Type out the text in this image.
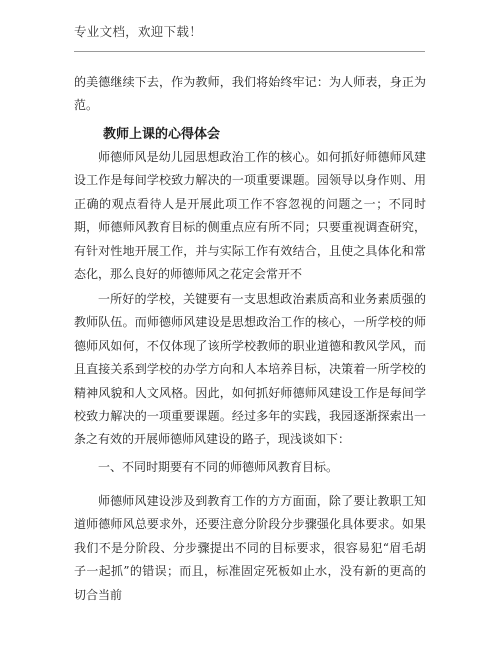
专业文档，欢迎下载！
的美德继续下去，作为教师，我们将始终牢记：为人师表，身正为范。
教师上课的心得体会
师德师风是幼儿园思想政治工作的核心。如何抓好师德师风建设工作是每间学校致力解决的一项重要课题。园领导以身作则、用正确的观点看待人是开展此项工作不容忽视的问题之一；不同时期，师德师风教育目标的侧重点应有所不同；只要重视调查研究，有针对性地开展工作，并与实际工作有效结合，且使之具体化和常态化，那么良好的师德师风之花定会常开不
一所好的学校，关键要有一支思想政治素质高和业务素质强的教师队伍。而师德师风建设是思想政治工作的核心，一所学校的师德师风如何，不仅体现了该所学校教师的职业道德和教风学风，而且直接关系到学校的办学方向和人本培养目标，决策着一所学校的精神风貌和人文风格。因此，如何抓好师德师风建设工作是每间学校致力解决的一项重要课题。经过多年的实践，我园逐渐探索出一条之有效的开展师德师风建设的路子，现浅谈如下：
一、不同时期要有不同的师德师风教育目标。
师德师风建设涉及到教育工作的方方面面，除了要让教职工知道师德师风总要求外，还要注意分阶段分步骤强化具体要求。如果我们不是分阶段、分步骤提出不同的目标要求，很容易犯“眉毛胡子一起抓”的错误；而且，标准固定死板如止水，没有新的更高的切合当前
